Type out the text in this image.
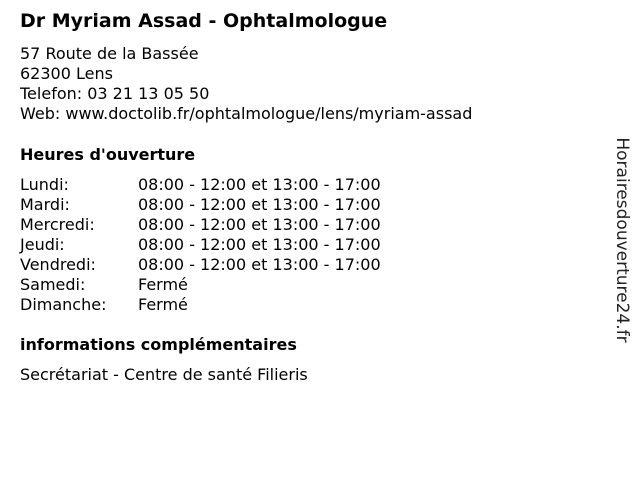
Dr Myriam Assad - Ophtalmologue
57 Route de la Bassée
62300 Lens
Telefon: 03 21 13 05 50
Web: www.doctolib.fr/ophtalmologue/lens/myriam-assad
Heures d'ouverture
Lundi:	08:00 - 12:00 et 13:00 - 17:00
Mardi:	08:00 - 12:00 et 13:00 - 17:00
Mercredi:	08:00 - 12:00 et 13:00 - 17:00
Jeudi:	08:00 - 12:00 et 13:00 - 17:00
Vendredi:	08:00 - 12:00 et 13:00 - 17:00
Samedi:	Fermé
Dimanche: Fermé
informations complémentaires
Secrétariat - Centre de santé Filieris
Horairesdouverture24.fr
